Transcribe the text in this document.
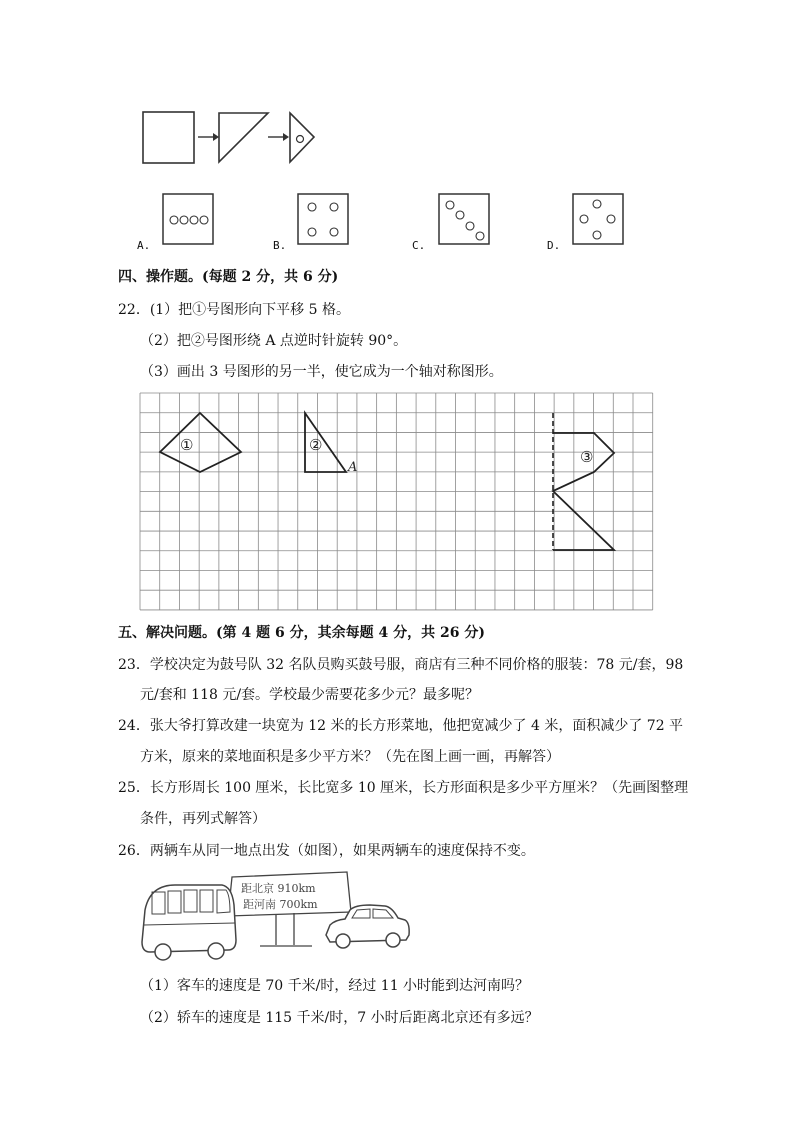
A.	B.	C.	D.
四、操作题。(每题 2 分，共 6 分)
22．(1）把①号图形向下平移 5 格。
（2）把②号图形绕 A 点逆时针旋转 90°。
（3）画出 3 号图形的另一半，使它成为一个轴对称图形。
①	②
A
③
五、解决问题。(第 4 题 6 分，其余每题 4 分，共 26 分)
23．学校决定为鼓号队 32 名队员购买鼓号服，商店有三种不同价格的服装：78 元/套，98
元/套和 118 元/套。学校最少需要花多少元？最多呢？
24．张大爷打算改建一块宽为 12 米的长方形菜地，他把宽减少了 4 米，面积减少了 72 平
方米，原来的菜地面积是多少平方米？（先在图上画一画，再解答）
25．长方形周长 100 厘米，长比宽多 10 厘米，长方形面积是多少平方厘米？（先画图整理
条件，再列式解答）
26．两辆车从同一地点出发（如图），如果两辆车的速度保持不变。
距北京 910km
距河南 700km
（1）客车的速度是 70 千米/时，经过 11 小时能到达河南吗？
（2）轿车的速度是 115 千米/时，7 小时后距离北京还有多远？
